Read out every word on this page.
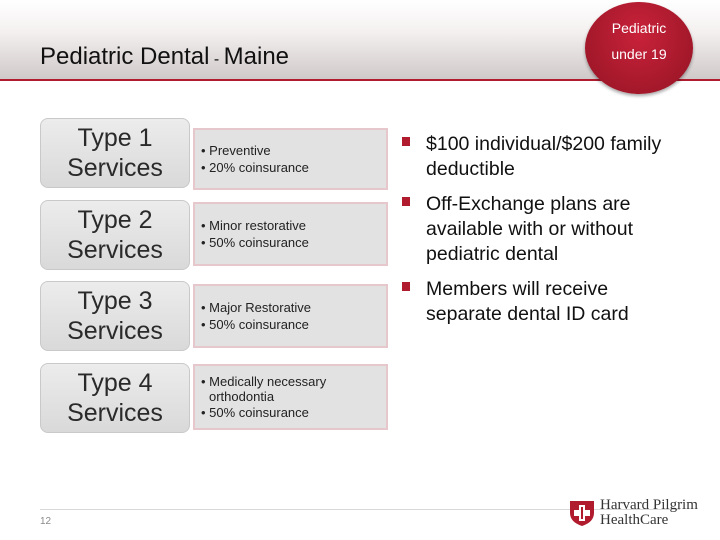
Pediatric Dental - Maine
Pediatric
under 19
Type 1
Services
• Preventive
• 20% coinsurance
Type 2
Services
• Minor restorative
• 50% coinsurance
Type 3
Services
• Major Restorative
• 50% coinsurance
Type 4
Services
• Medically necessary
orthodontia
• 50% coinsurance
$100 individual/$200 family
deductible
Off-Exchange plans are
available with or without
pediatric dental
Members will receive
separate dental ID card
12
Harvard Pilgrim
HealthCare
